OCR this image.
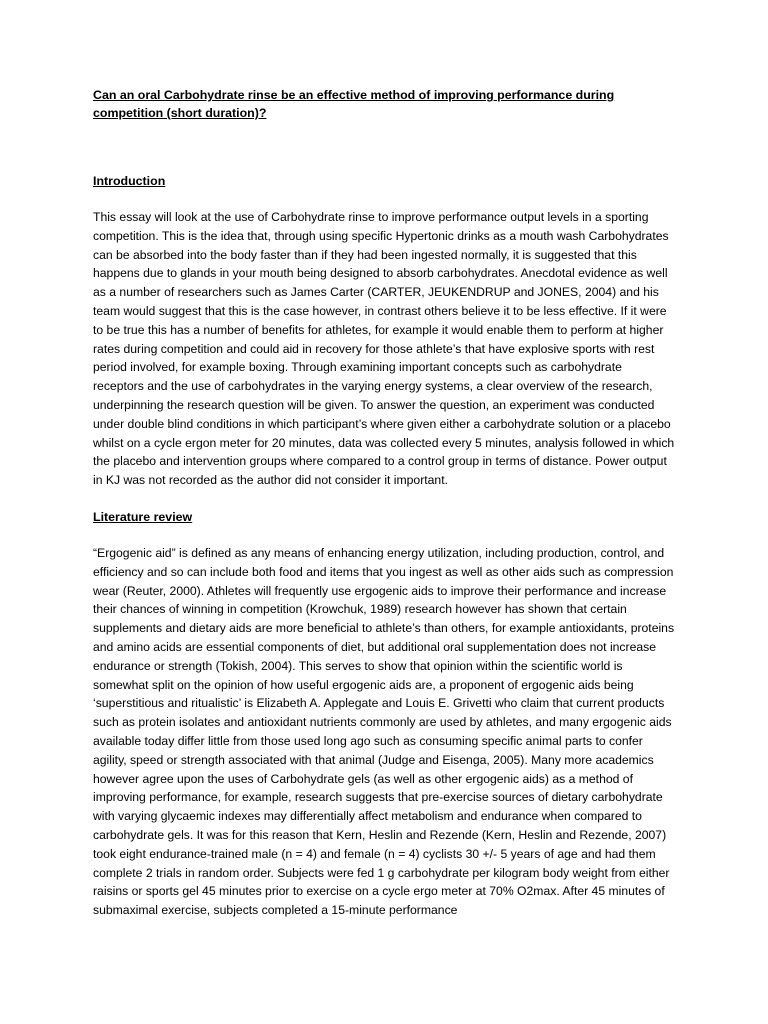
Can an oral Carbohydrate rinse be an effective method of improving performance during competition (short duration)?

Introduction

This essay will look at the use of Carbohydrate rinse to improve performance output levels in a sporting competition. This is the idea that, through using specific Hypertonic drinks as a mouth wash Carbohydrates can be absorbed into the body faster than if they had been ingested normally, it is suggested that this happens due to glands in your mouth being designed to absorb carbohydrates. Anecdotal evidence as well as a number of researchers such as James Carter (CARTER, JEUKENDRUP and JONES, 2004) and his team would suggest that this is the case however, in contrast others believe it to be less effective. If it were to be true this has a number of benefits for athletes, for example it would enable them to perform at higher rates during competition and could aid in recovery for those athlete’s that have explosive sports with rest period involved, for example boxing. Through examining important concepts such as carbohydrate receptors and the use of carbohydrates in the varying energy systems, a clear overview of the research, underpinning the research question will be given. To answer the question, an experiment was conducted under double blind conditions in which participant’s where given either a carbohydrate solution or a placebo whilst on a cycle ergon meter for 20 minutes, data was collected every 5 minutes, analysis followed in which the placebo and intervention groups where compared to a control group in terms of distance. Power output in KJ was not recorded as the author did not consider it important.

Literature review

“Ergogenic aid” is defined as any means of enhancing energy utilization, including production, control, and efficiency and so can include both food and items that you ingest as well as other aids such as compression wear (Reuter, 2000). Athletes will frequently use ergogenic aids to improve their performance and increase their chances of winning in competition (Krowchuk, 1989) research however has shown that certain supplements and dietary aids are more beneficial to athlete’s than others, for example antioxidants, proteins and amino acids are essential components of diet, but additional oral supplementation does not increase endurance or strength (Tokish, 2004). This serves to show that opinion within the scientific world is somewhat split on the opinion of how useful ergogenic aids are, a proponent of ergogenic aids being ‘superstitious and ritualistic’ is Elizabeth A. Applegate and Louis E. Grivetti who claim that current products such as protein isolates and antioxidant nutrients commonly are used by athletes, and many ergogenic aids available today differ little from those used long ago such as consuming specific animal parts to confer agility, speed or strength associated with that animal (Judge and Eisenga, 2005). Many more academics however agree upon the uses of Carbohydrate gels (as well as other ergogenic aids) as a method of improving performance, for example, research suggests that pre-exercise sources of dietary carbohydrate with varying glycaemic indexes may differentially affect metabolism and endurance when compared to carbohydrate gels. It was for this reason that Kern, Heslin and Rezende (Kern, Heslin and Rezende, 2007) took eight endurance-trained male (n = 4) and female (n = 4) cyclists 30 +/- 5 years of age and had them complete 2 trials in random order. Subjects were fed 1 g carbohydrate per kilogram body weight from either raisins or sports gel 45 minutes prior to exercise on a cycle ergo meter at 70% O2max. After 45 minutes of submaximal exercise, subjects completed a 15-minute performance
